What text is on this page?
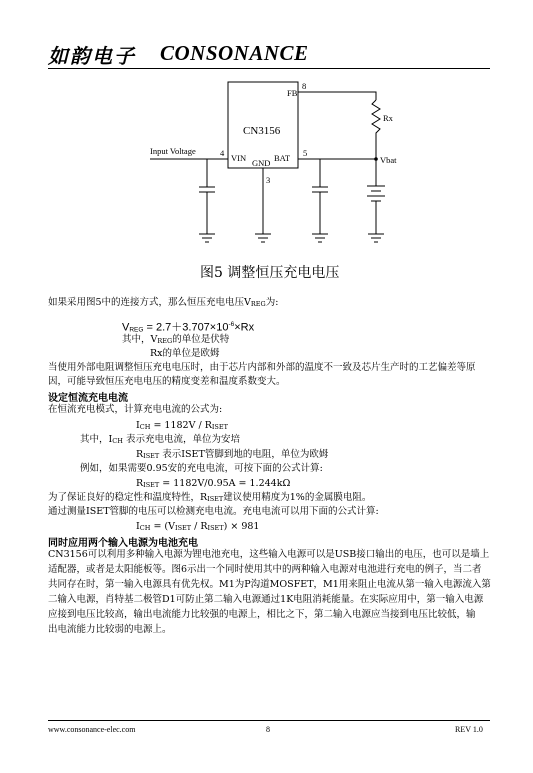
如韵电子 CONSONANCE
FB
8
VIN GND BAT
4	5
3
Input Voltage
Rx
Vbat
CN3156
图5 调整恒压充电电压
如果采用图5中的连接方式，那么恒压充电电压$V_{REG}$为:
$V_{REG} = 2.7+3.707\times 10^{-6}\times Rx$
其中，$V_{REG}$的单位是伏特
Rx的单位是欧姆
当使用外部电阻调整恒压充电电压时，由于芯片内部和外部的温度不一致及芯片生产时的工艺偏差等原
因，可能导致恒压充电电压的精度变差和温度系数变大。
设定恒流充电电流
在恒流充电模式，计算充电电流的公式为:
$I_{CH} = 1182V / R_{ISET}$
其中，$I_{CH}$ 表示充电电流，单位为安培
$R_{ISET}$ 表示ISET管脚到地的电阻，单位为欧姆
例如，如果需要0.95安的充电电流，可按下面的公式计算:
$R_{ISET} = 1182V/0.95A = 1.244k\Omega$
为了保证良好的稳定性和温度特性，$R_{ISET}$建议使用精度为1%的金属膜电阻。
通过测量ISET管脚的电压可以检测充电电流。充电电流可以用下面的公式计算:
$I_{CH} = (V_{ISET} / R_{ISET}) \times 981$
同时应用两个输入电源为电池充电
CN3156可以利用多种输入电源为锂电池充电，这些输入电源可以是USB接口输出的电压，也可以是墙上
适配器，或者是太阳能板等。图6示出一个同时使用其中的两种输入电源对电池进行充电的例子，当二者
共同存在时，第一输入电源具有优先权。M1为P沟道MOSFET，M1用来阻止电流从第一输入电源流入第
二输入电源，肖特基二极管D1可防止第二输入电源通过1K电阻消耗能量。在实际应用中，第一输入电源
应接到电压比较高，输出电流能力比较强的电源上，相比之下，第二输入电源应当接到电压比较低，输
出电流能力比较弱的电源上。
www.consonance-elec.com	8	REV 1.0
